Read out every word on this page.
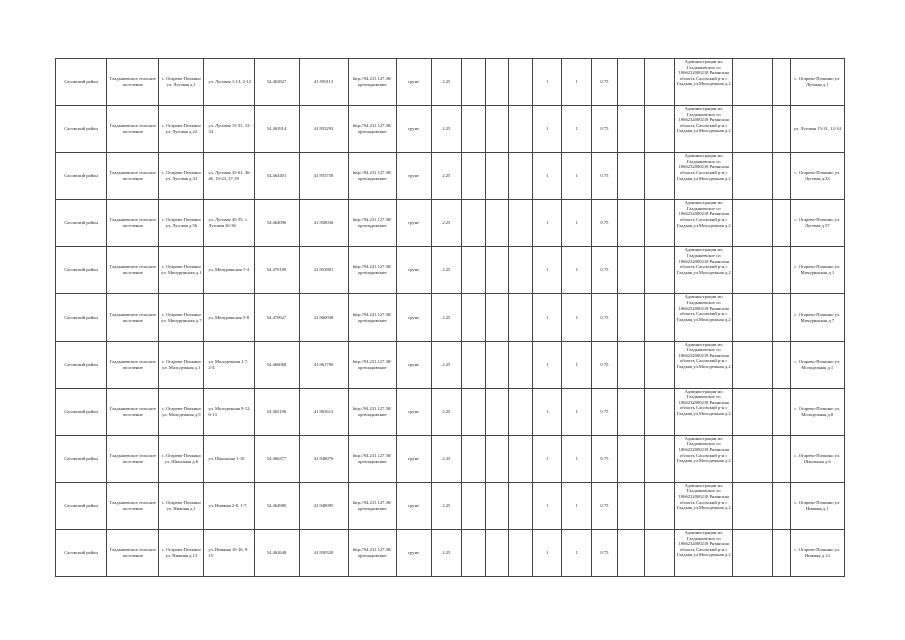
Сасовский район	Гладышевское сельское поселение	с. Огарево-Почкино ул. Луговая д.1	ул. Луговая 1-13, 2-12	54.463827	41.950113	http://94.231.127.38/оргвладивские	грунт	2.25				1	1	0.75			Администрации мо Гладышевское сп 1066232000218 Рязанская область Сасовский р-н с Гладыщ ул.Молодежная д.2			с. Огарево-Почкино ул. Луговая д.1
Сасовский район	Гладышевское сельское поселение	с. Огарево-Почкино ул. Луговая д.22	ул. Луговая 15-31, 12-34	54.463914	41.953293	http://94.231.127.38/оргвладивские	грунт	2.25				1	1	0.75			Администрации мо Гладышевское сп 1066232000218 Рязанская область Сасовский р-н с Гладыщ ул.Молодежная д.2			ул. Луговая 15-31, 12-34
Сасовский район	Гладышевское сельское поселение	с. Огарево-Почкино ул. Луговая д.33	ул. Луговая 35-61, 36-46, 19-23, 27-29	54.464401	41.955758	http://94.231.127.38/оргвладивские	грунт	2.25				1	1	0.75			Администрации мо Гладышевское сп 1066232000218 Рязанская область Сасовский р-н с Гладыщ ул.Молодежная д.2			с. Огарево-Почкино ул. Луговая д.33
Сасовский район	Гладышевское сельское поселение	с. Огарево-Почкино ул. Луговая д.56	ул. Луговая 45-55, с. Луговая 26-36	54.464096	41.958036	http://94.231.127.38/оргвладивские	грунт	2.25				1	1	0.75			Администрации мо Гладышевское сп 1066232000218 Рязанская область Сасовский р-н с Гладыщ ул.Молодежная д.2			с. Огарево-Почкино ул. Луговая д.57
Сасовский район	Гладышевское сельское поселение	с. Огарево-Почкино ул. Мичуринская д.1	ул. Мичуринская 1-4	54.470189	41.953881	http://94.231.127.38/оргвладивские	грунт	2.25				1	1	0.75			Администрации мо Гладышевское сп 1066232000218 Рязанская область Сасовский р-н с Гладыщ ул.Молодежная д.2			с. Огарево-Почкино ул. Мичуринская д.1
Сасовский район	Гладышевское сельское поселение	с. Огарево-Почкино ул. Мичуринская д.7	ул. Мичуринская 5-8	54.470627	41.960038	http://94.231.127.38/оргвладивские	грунт	2.25				1	1	0.75			Администрации мо Гладышевское сп 1066232000218 Рязанская область Сасовский р-н с Гладыщ ул.Молодежная д.2			с. Огарево-Почкино ул. Мичуринская д.7
Сасовский район	Гладышевское сельское поселение	с. Огарево-Почкино ул. Молодежная д.1	ул. Молодежная 1-7, 2-4	54.466068	41.961790	http://94.231.127.38/оргвладивские	грунт	2.25				1	1	0.75			Администрации мо Гладышевское сп 1066232000218 Рязанская область Сасовский р-н с Гладыщ ул.Молодежная д.2			с. Огарево-Почкино ул. Молодежная д.1
Сасовский район	Гладышевское сельское поселение	с. Огарево-Почкино ул. Молодежная д.9	ул. Молодежная 9-12, 6-13	54.465196	41.963613	http://94.231.127.38/оргвладивские	грунт	2.25				1	1	0.75			Администрации мо Гладышевское сп 1066232000218 Рязанская область Сасовский р-н с Гладыщ ул.Молодежная д.2			с. Огарево-Почкино ул. Молодежная д.8
Сасовский район	Гладышевское сельское поселение	с. Огарево-Почкино ул. Школьная д.6	ул. Школьная 1-10	54.466377	41.948076	http://94.231.127.38/оргвладивские	грунт	2.25				1	1	0.75			Администрации мо Гладышевское сп 1066232000218 Рязанская область Сасовский р-н с Гладыщ ул.Молодежная д.2			с. Огарево-Почкино ул. Школьная д.6
Сасовский район	Гладышевское сельское поселение	с. Огарево-Почкино ул. Нижняя д.1	ул. Нижняя 2-8, 1-7	54.464980	41.948095	http://94.231.127.38/оргвладивские	грунт	2.25				1	1	0.75			Администрации мо Гладышевское сп 1066232000218 Рязанская область Сасовский р-н с Гладыщ ул.Молодежная д.2			с. Огарево-Почкино ул. Нижняя д.1
Сасовский район	Гладышевское сельское поселение	с. Огарево-Почкино ул. Нижняя д.13	ул. Нижняя 10-16, 9-15	54.462648	41.950320	http://94.231.127.38/оргвладивские	грунт	2.25				1	1	0.75			Администрации мо Гладышевское сп 1066232000218 Рязанская область Сасовский р-н с Гладыщ ул.Молодежная д.2			с. Огарево-Почкино ул. Нижняя д.13
